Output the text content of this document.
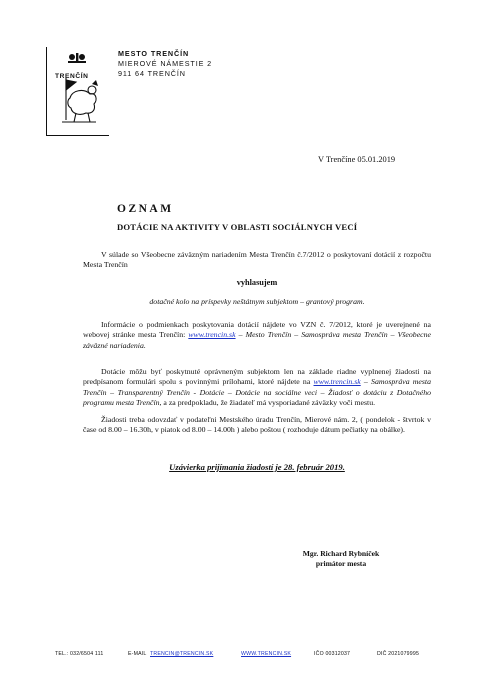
TRENČÍN
MESTO TRENČÍN
MIEROVÉ NÁMESTIE 2
911 64 TRENČÍN
V Trenčíne 05.01.2019
OZNAM
DOTÁCIE NA AKTIVITY V OBLASTI SOCIÁLNYCH VECÍ
V súlade so Všeobecne záväzným nariadením Mesta Trenčín č.7/2012 o poskytovaní dotácií z rozpočtu Mesta Trenčín
vyhlasujem
dotačné kolo na príspevky neštátnym subjektom – grantový program.
Informácie o podmienkach poskytovania dotácií nájdete vo VZN č. 7/2012, ktoré je uverejnené na webovej stránke mesta Trenčín: www.trencin.sk – Mesto Trenčín – Samospráva mesta Trenčín – Všeobecne záväzné nariadenia.
Dotácie môžu byť poskytnuté oprávneným subjektom len na základe riadne vyplnenej žiadosti na predpísanom formulári spolu s povinnými prílohami, ktoré nájdete na www.trencin.sk – Samospráva mesta Trenčín – Transparentný Trenčín - Dotácie – Dotácie na sociálne veci – Žiadosť o dotáciu z Dotačného programu mesta Trenčín, a za predpokladu, že žiadateľ má vysporiadané záväzky voči mestu.
Žiadosti treba odovzdať v podateľni Mestského úradu Trenčín, Mierové nám. 2, ( pondelok - štvrtok v čase od 8.00 – 16.30h, v piatok od 8.00 – 14.00h ) alebo poštou ( rozhoduje dátum pečiatky na obálke).
Uzávierka prijímania žiadostí je 28. február 2019.
Mgr. Richard Rybníček
primátor mesta
TEL.: 032/6504 111	E-MAIL TRENCIN@TRENCIN.SK	WWW.TRENCIN.SK	IČO 00312037	DIČ 2021079995
